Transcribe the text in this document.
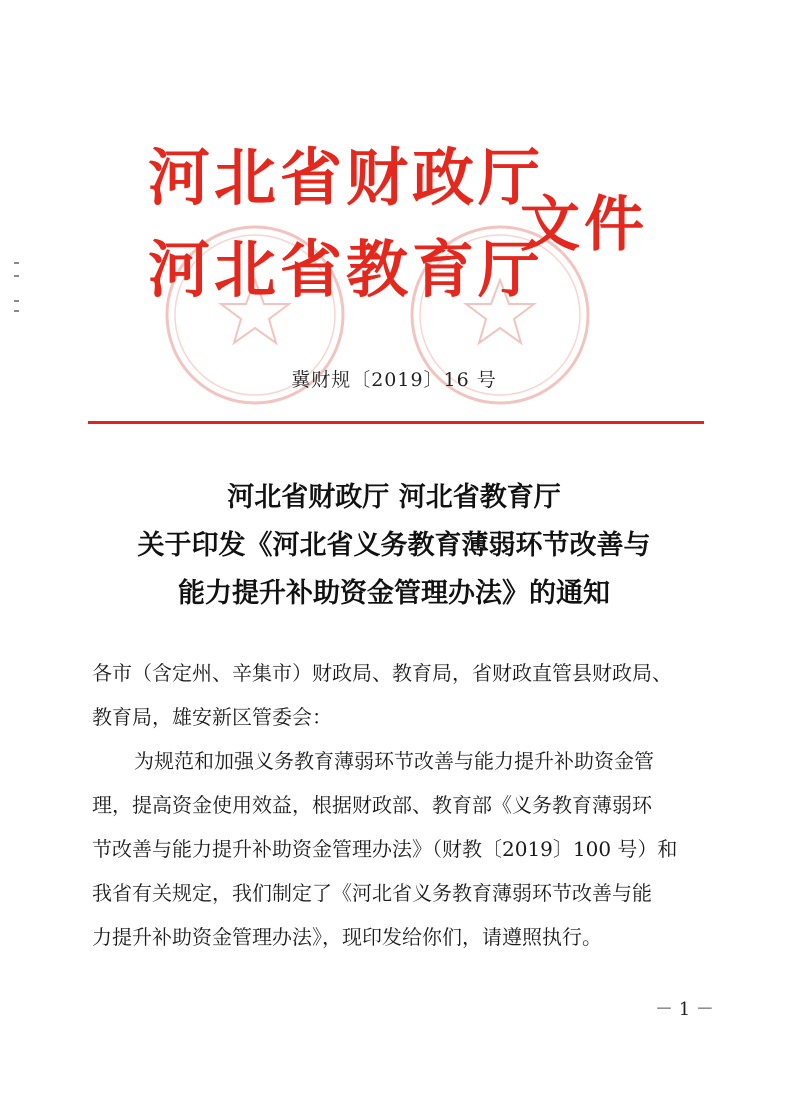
河北省财政厅
河北省教育厅
文件
冀财规〔2019〕16 号
河北省财政厅 河北省教育厅
关于印发《河北省义务教育薄弱环节改善与
能力提升补助资金管理办法》的通知
各市（含定州、辛集市）财政局、教育局，省财政直管县财政局、
教育局，雄安新区管委会：
为规范和加强义务教育薄弱环节改善与能力提升补助资金管
理，提高资金使用效益，根据财政部、教育部《义务教育薄弱环
节改善与能力提升补助资金管理办法》（财教〔2019〕100 号）和
我省有关规定，我们制定了《河北省义务教育薄弱环节改善与能
力提升补助资金管理办法》，现印发给你们，请遵照执行。
－ 1 －
